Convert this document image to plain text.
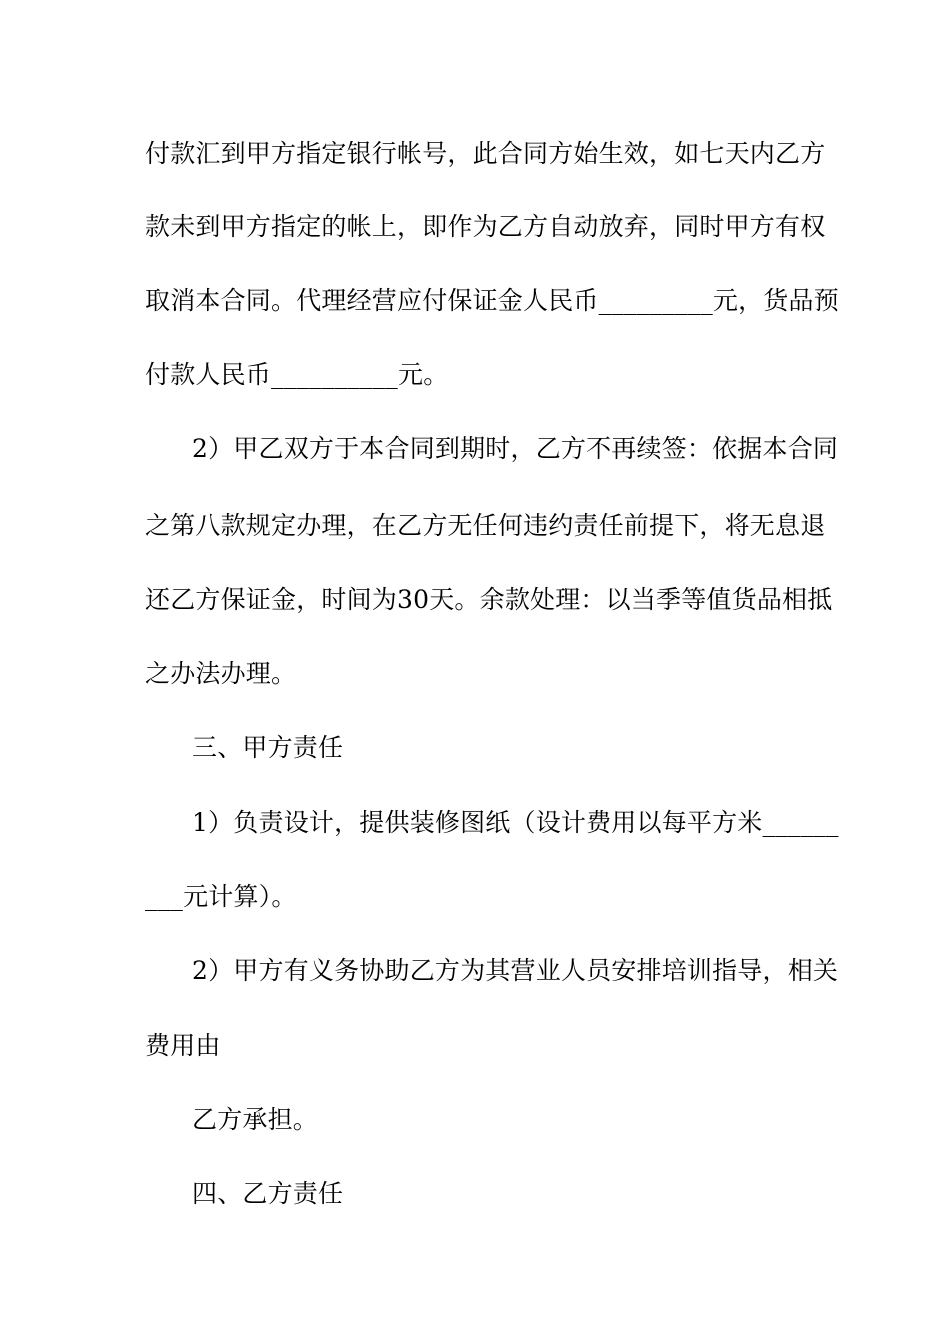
付款汇到甲方指定银行帐号，此合同方始生效，如七天内乙方
款未到甲方指定的帐上，即作为乙方自动放弃，同时甲方有权
取消本合同。代理经营应付保证金人民币_________元，货品预
付款人民币__________元。
2）甲乙双方于本合同到期时，乙方不再续签：依据本合同
之第八款规定办理，在乙方无任何违约责任前提下，将无息退
还乙方保证金，时间为30天。余款处理：以当季等值货品相抵
之办法办理。
三、甲方责任
1）负责设计，提供装修图纸（设计费用以每平方米______
___元计算）。
2）甲方有义务协助乙方为其营业人员安排培训指导，相关
费用由
乙方承担。
四、乙方责任
